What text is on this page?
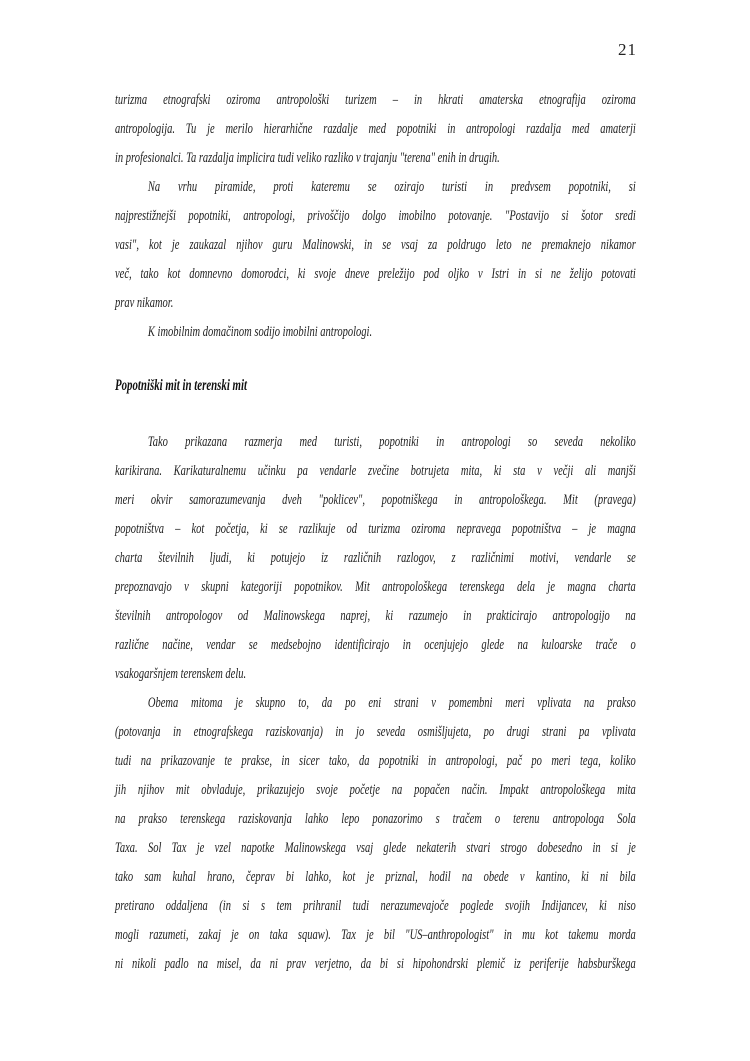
21
turizma etnografski oziroma antropološki turizem – in hkrati amaterska etnografija oziroma
antropologija. Tu je merilo hierarhične razdalje med popotniki in antropologi razdalja med amaterji
in profesionalci. Ta razdalja implicira tudi veliko razliko v trajanju "terena" enih in drugih.
Na vrhu piramide, proti kateremu se ozirajo turisti in predvsem popotniki, si
najprestižnejši popotniki, antropologi, privoščijo dolgo imobilno potovanje. "Postavijo si šotor sredi
vasi", kot je zaukazal njihov guru Malinowski, in se vsaj za poldrugo leto ne premaknejo nikamor
več, tako kot domnevno domorodci, ki svoje dneve preležijo pod oljko v Istri in si ne želijo potovati
prav nikamor.
K imobilnim domačinom sodijo imobilni antropologi.
Popotniški mit in terenski mit
Tako prikazana razmerja med turisti, popotniki in antropologi so seveda nekoliko
karikirana. Karikaturalnemu učinku pa vendarle zvečine botrujeta mita, ki sta v večji ali manjši
meri okvir samorazumevanja dveh "poklicev", popotniškega in antropološkega. Mit (pravega)
popotništva – kot početja, ki se razlikuje od turizma oziroma nepravega popotništva – je magna
charta številnih ljudi, ki potujejo iz različnih razlogov, z različnimi motivi, vendarle se
prepoznavajo v skupni kategoriji popotnikov. Mit antropološkega terenskega dela je magna charta
številnih antropologov od Malinowskega naprej, ki razumejo in prakticirajo antropologijo na
različne načine, vendar se medsebojno identificirajo in ocenjujejo glede na kuloarske trače o
vsakogaršnjem terenskem delu.
Obema mitoma je skupno to, da po eni strani v pomembni meri vplivata na prakso
(potovanja in etnografskega raziskovanja) in jo seveda osmišljujeta, po drugi strani pa vplivata
tudi na prikazovanje te prakse, in sicer tako, da popotniki in antropologi, pač po meri tega, koliko
jih njihov mit obvladuje, prikazujejo svoje početje na popačen način. Impakt antropološkega mita
na prakso terenskega raziskovanja lahko lepo ponazorimo s tračem o terenu antropologa Sola
Taxa. Sol Tax je vzel napotke Malinowskega vsaj glede nekaterih stvari strogo dobesedno in si je
tako sam kuhal hrano, čeprav bi lahko, kot je priznal, hodil na obede v kantino, ki ni bila
pretirano oddaljena (in si s tem prihranil tudi nerazumevajoče poglede svojih Indijancev, ki niso
mogli razumeti, zakaj je on taka squaw). Tax je bil "US–anthropologist" in mu kot takemu morda
ni nikoli padlo na misel, da ni prav verjetno, da bi si hipohondrski plemič iz periferije habsburškega
